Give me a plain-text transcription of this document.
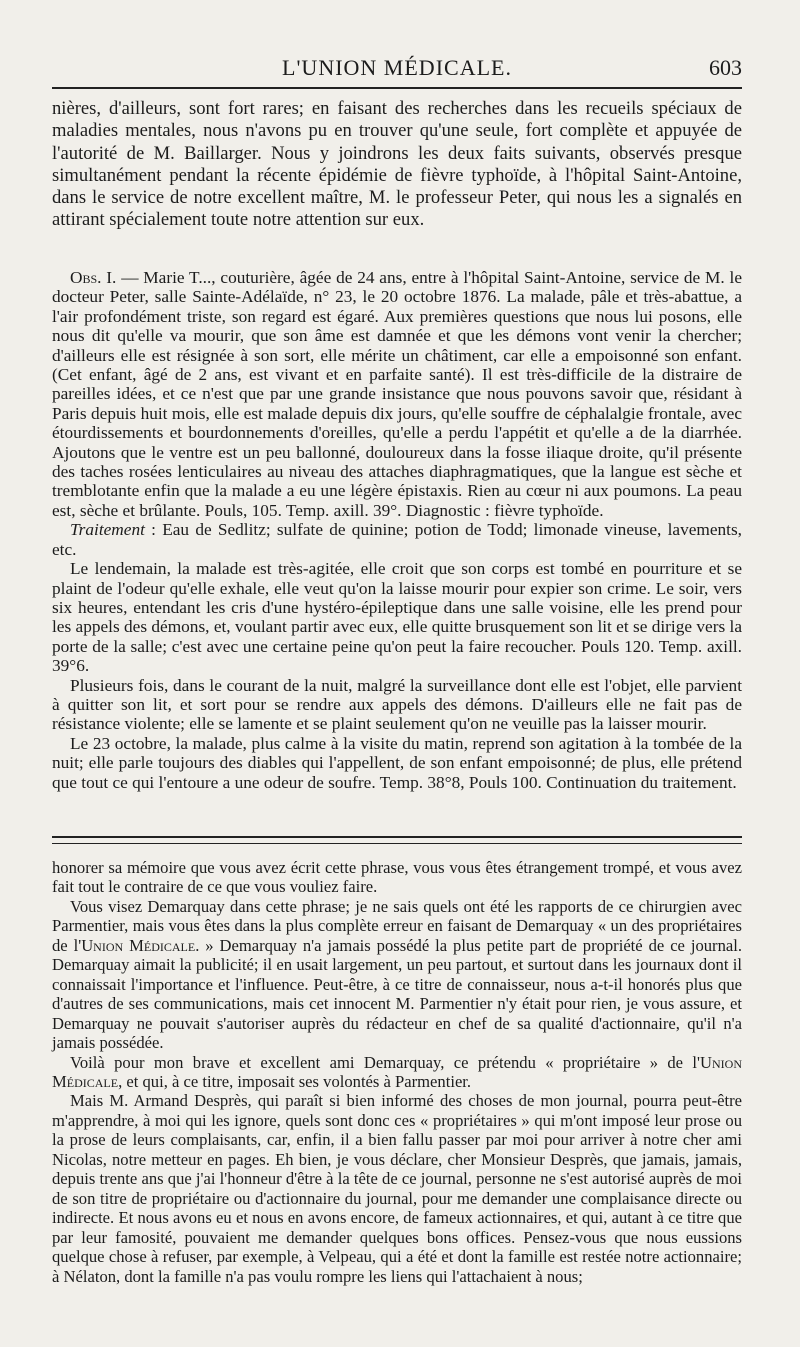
L'UNION MÉDICALE.	603

nières, d'ailleurs, sont fort rares; en faisant des recherches dans les recueils spéciaux de maladies mentales, nous n'avons pu en trouver qu'une seule, fort complète et appuyée de l'autorité de M. Baillarger. Nous y joindrons les deux faits suivants, observés presque simultanément pendant la récente épidémie de fièvre typhoïde, à l'hôpital Saint-Antoine, dans le service de notre excellent maître, M. le professeur Peter, qui nous les a signalés en attirant spécialement toute notre attention sur eux.

Obs. I. — Marie T..., couturière, âgée de 24 ans, entre à l'hôpital Saint-Antoine, service de M. le docteur Peter, salle Sainte-Adélaïde, n° 23, le 20 octobre 1876. La malade, pâle et très-abattue, a l'air profondément triste, son regard est égaré. Aux premières questions que nous lui posons, elle nous dit qu'elle va mourir, que son âme est damnée et que les démons vont venir la chercher; d'ailleurs elle est résignée à son sort, elle mérite un châtiment, car elle a empoisonné son enfant. (Cet enfant, âgé de 2 ans, est vivant et en parfaite santé). Il est très-difficile de la distraire de pareilles idées, et ce n'est que par une grande insistance que nous pouvons savoir que, résidant à Paris depuis huit mois, elle est malade depuis dix jours, qu'elle souffre de céphalalgie frontale, avec étourdissements et bourdonnements d'oreilles, qu'elle a perdu l'appétit et qu'elle a de la diarrhée. Ajoutons que le ventre est un peu ballonné, douloureux dans la fosse iliaque droite, qu'il présente des taches rosées lenticulaires au niveau des attaches diaphragmatiques, que la langue est sèche et tremblotante enfin que la malade a eu une légère épistaxis. Rien au cœur ni aux poumons. La peau est, sèche et brûlante. Pouls, 105. Temp. axill. 39°. Diagnostic : fièvre typhoïde.

Traitement : Eau de Sedlitz; sulfate de quinine; potion de Todd; limonade vineuse, lavements, etc.

Le lendemain, la malade est très-agitée, elle croit que son corps est tombé en pourriture et se plaint de l'odeur qu'elle exhale, elle veut qu'on la laisse mourir pour expier son crime. Le soir, vers six heures, entendant les cris d'une hystéro-épileptique dans une salle voisine, elle les prend pour les appels des démons, et, voulant partir avec eux, elle quitte brusquement son lit et se dirige vers la porte de la salle; c'est avec une certaine peine qu'on peut la faire recoucher. Pouls 120. Temp. axill. 39°6.

Plusieurs fois, dans le courant de la nuit, malgré la surveillance dont elle est l'objet, elle parvient à quitter son lit, et sort pour se rendre aux appels des démons. D'ailleurs elle ne fait pas de résistance violente; elle se lamente et se plaint seulement qu'on ne veuille pas la laisser mourir.

Le 23 octobre, la malade, plus calme à la visite du matin, reprend son agitation à la tombée de la nuit; elle parle toujours des diables qui l'appellent, de son enfant empoisonné; de plus, elle prétend que tout ce qui l'entoure a une odeur de soufre. Temp. 38°8, Pouls 100. Continuation du traitement.

honorer sa mémoire que vous avez écrit cette phrase, vous vous êtes étrangement trompé, et vous avez fait tout le contraire de ce que vous vouliez faire.

Vous visez Demarquay dans cette phrase; je ne sais quels ont été les rapports de ce chirurgien avec Parmentier, mais vous êtes dans la plus complète erreur en faisant de Demarquay « un des propriétaires de l'Union Médicale. » Demarquay n'a jamais possédé la plus petite part de propriété de ce journal. Demarquay aimait la publicité; il en usait largement, un peu partout, et surtout dans les journaux dont il connaissait l'importance et l'influence. Peut-être, à ce titre de connaisseur, nous a-t-il honorés plus que d'autres de ses communications, mais cet innocent M. Parmentier n'y était pour rien, je vous assure, et Demarquay ne pouvait s'autoriser auprès du rédacteur en chef de sa qualité d'actionnaire, qu'il n'a jamais possédée.

Voilà pour mon brave et excellent ami Demarquay, ce prétendu « propriétaire » de l'Union Médicale, et qui, à ce titre, imposait ses volontés à Parmentier.

Mais M. Armand Desprès, qui paraît si bien informé des choses de mon journal, pourra peut-être m'apprendre, à moi qui les ignore, quels sont donc ces « propriétaires » qui m'ont imposé leur prose ou la prose de leurs complaisants, car, enfin, il a bien fallu passer par moi pour arriver à notre cher ami Nicolas, notre metteur en pages. Eh bien, je vous déclare, cher Monsieur Desprès, que jamais, jamais, depuis trente ans que j'ai l'honneur d'être à la tête de ce journal, personne ne s'est autorisé auprès de moi de son titre de propriétaire ou d'actionnaire du journal, pour me demander une complaisance directe ou indirecte. Et nous avons eu et nous en avons encore, de fameux actionnaires, et qui, autant à ce titre que par leur famosité, pouvaient me demander quelques bons offices. Pensez-vous que nous eussions quelque chose à refuser, par exemple, à Velpeau, qui a été et dont la famille est restée notre actionnaire; à Nélaton, dont la famille n'a pas voulu rompre les liens qui l'attachaient à nous;
